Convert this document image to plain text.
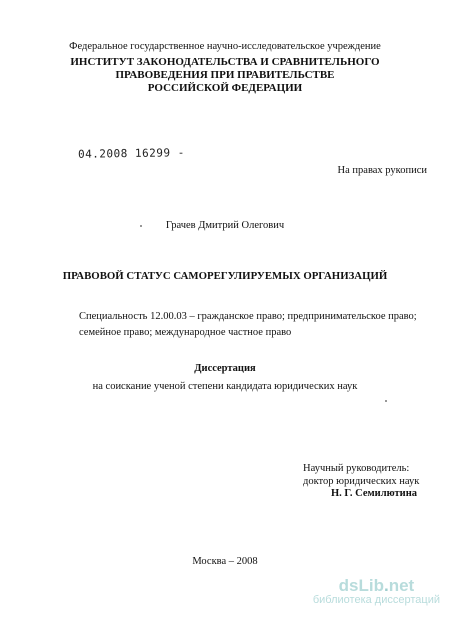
Федеральное государственное научно-исследовательское учреждение
ИНСТИТУТ ЗАКОНОДАТЕЛЬСТВА И СРАВНИТЕЛЬНОГО
ПРАВОВЕДЕНИЯ ПРИ ПРАВИТЕЛЬСТВЕ
РОССИЙСКОЙ ФЕДЕРАЦИИ
04.2008 16299 -
На правах рукописи
Грачев Дмитрий Олегович
ПРАВОВОЙ СТАТУС САМОРЕГУЛИРУЕМЫХ ОРГАНИЗАЦИЙ
Специальность 12.00.03 – гражданское право; предпринимательское право;
семейное право; международное частное право
Диссертация
на соискание ученой степени кандидата юридических наук
Научный руководитель:
доктор юридических наук
Н. Г. Семилютина
Москва – 2008
dsLib.net
библиотека диссертаций
